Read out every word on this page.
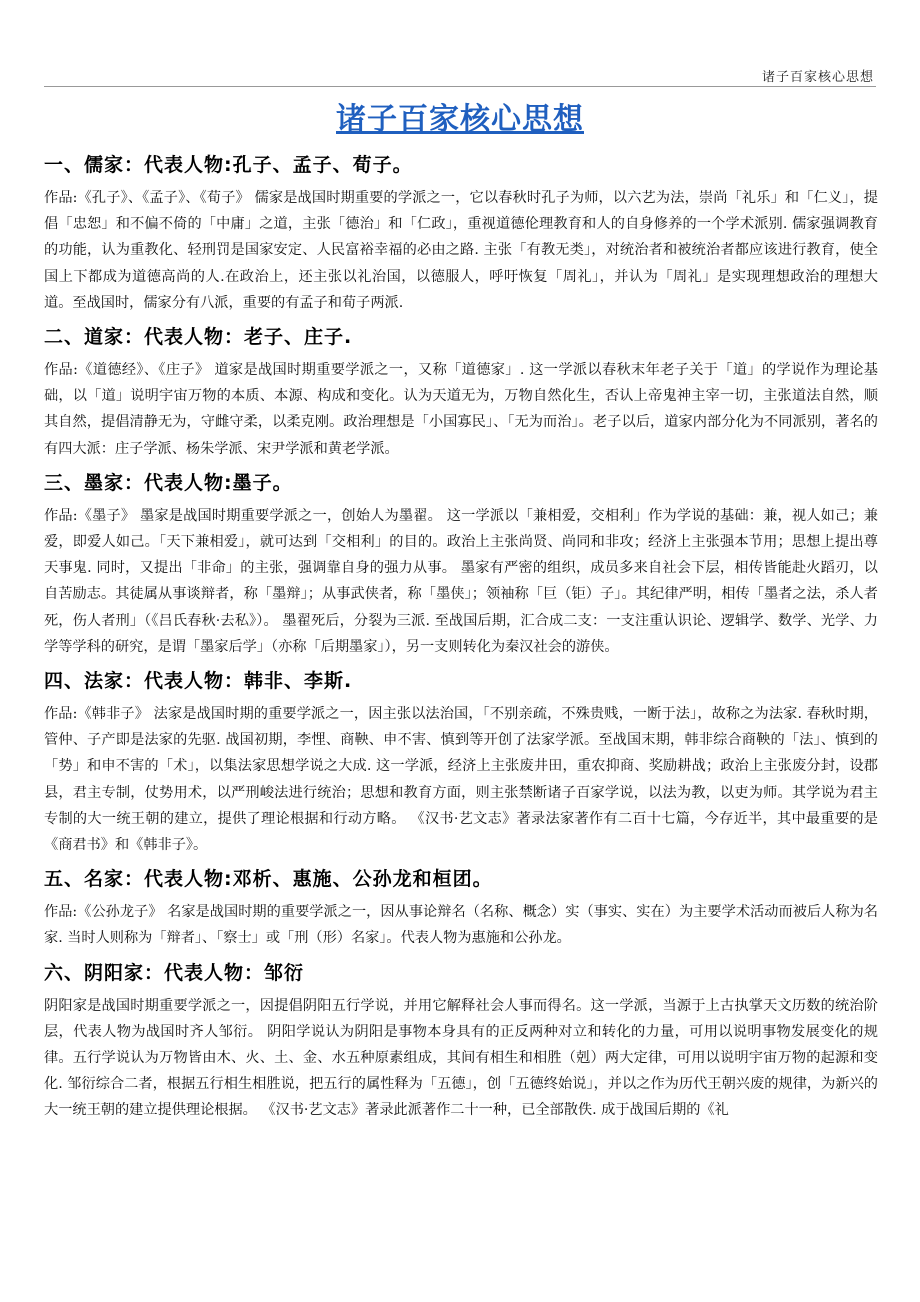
诸子百家核心思想
诸子百家核心思想
一、儒家：代表人物:孔子、孟子、荀子。
作品:《孔子》、《孟子》、《荀子》 儒家是战国时期重要的学派之一，它以春秋时孔子为师，以六艺为法，崇尚「礼乐」和「仁义」，提倡「忠恕」和不偏不倚的「中庸」之道，主张「德治」和「仁政」，重视道德伦理教育和人的自身修养的一个学术派别. 儒家强调教育的功能，认为重教化、轻刑罚是国家安定、人民富裕幸福的必由之路. 主张「有教无类」，对统治者和被统治者都应该进行教育，使全国上下都成为道德高尚的人.在政治上，还主张以礼治国，以德服人，呼吁恢复「周礼」，并认为「周礼」是实现理想政治的理想大道。至战国时，儒家分有八派，重要的有孟子和荀子两派.
二、道家：代表人物：老子、庄子.
作品:《道德经》、《庄子》 道家是战国时期重要学派之一，又称「道德家」. 这一学派以春秋末年老子关于「道」的学说作为理论基础，以「道」说明宇宙万物的本质、本源、构成和变化。认为天道无为，万物自然化生，否认上帝鬼神主宰一切，主张道法自然，顺其自然，提倡清静无为，守雌守柔，以柔克刚。政治理想是「小国寡民」、「无为而治」。老子以后，道家内部分化为不同派别，著名的有四大派：庄子学派、杨朱学派、宋尹学派和黄老学派。
三、墨家：代表人物:墨子。
作品:《墨子》 墨家是战国时期重要学派之一，创始人为墨翟。 这一学派以「兼相爱，交相利」作为学说的基础：兼，视人如己；兼爱，即爱人如己。「天下兼相爱」，就可达到「交相利」的目的。政治上主张尚贤、尚同和非攻；经济上主张强本节用；思想上提出尊天事鬼. 同时，又提出「非命」的主张，强调靠自身的强力从事。 墨家有严密的组织，成员多来自社会下层，相传皆能赴火蹈刃，以自苦励志。其徒属从事谈辩者，称「墨辩」；从事武侠者，称「墨侠」；领袖称「巨（钜）子」。其纪律严明，相传「墨者之法，杀人者死，伤人者刑」（《吕氏春秋·去私》）。 墨翟死后，分裂为三派. 至战国后期，汇合成二支：一支注重认识论、逻辑学、数学、光学、力学等学科的研究，是谓「墨家后学」（亦称「后期墨家」），另一支则转化为秦汉社会的游侠。
四、法家：代表人物：韩非、李斯.
作品:《韩非子》 法家是战国时期的重要学派之一，因主张以法治国，「不别亲疏，不殊贵贱，一断于法」，故称之为法家. 春秋时期，管仲、子产即是法家的先驱. 战国初期，李悝、商鞅、申不害、慎到等开创了法家学派。至战国末期，韩非综合商鞅的「法」、慎到的「势」和申不害的「术」，以集法家思想学说之大成. 这一学派，经济上主张废井田，重农抑商、奖励耕战；政治上主张废分封，设郡县，君主专制，仗势用术，以严刑峻法进行统治；思想和教育方面，则主张禁断诸子百家学说，以法为教，以吏为师。其学说为君主专制的大一统王朝的建立，提供了理论根据和行动方略。 《汉书·艺文志》著录法家著作有二百十七篇，今存近半，其中最重要的是《商君书》和《韩非子》。
五、名家：代表人物:邓析、惠施、公孙龙和桓团。
作品:《公孙龙子》 名家是战国时期的重要学派之一，因从事论辩名（名称、概念）实（事实、实在）为主要学术活动而被后人称为名家. 当时人则称为「辩者」、「察士」或「刑（形）名家」。代表人物为惠施和公孙龙。
六、阴阳家：代表人物：邹衍
阴阳家是战国时期重要学派之一，因提倡阴阳五行学说，并用它解释社会人事而得名。这一学派，当源于上古执掌天文历数的统治阶层，代表人物为战国时齐人邹衍。 阴阳学说认为阴阳是事物本身具有的正反两种对立和转化的力量，可用以说明事物发展变化的规律。五行学说认为万物皆由木、火、土、金、水五种原素组成，其间有相生和相胜（剋）两大定律，可用以说明宇宙万物的起源和变化. 邹衍综合二者，根据五行相生相胜说，把五行的属性释为「五德」，创「五德终始说」，并以之作为历代王朝兴废的规律，为新兴的大一统王朝的建立提供理论根据。 《汉书·艺文志》著录此派著作二十一种，已全部散佚. 成于战国后期的《礼
